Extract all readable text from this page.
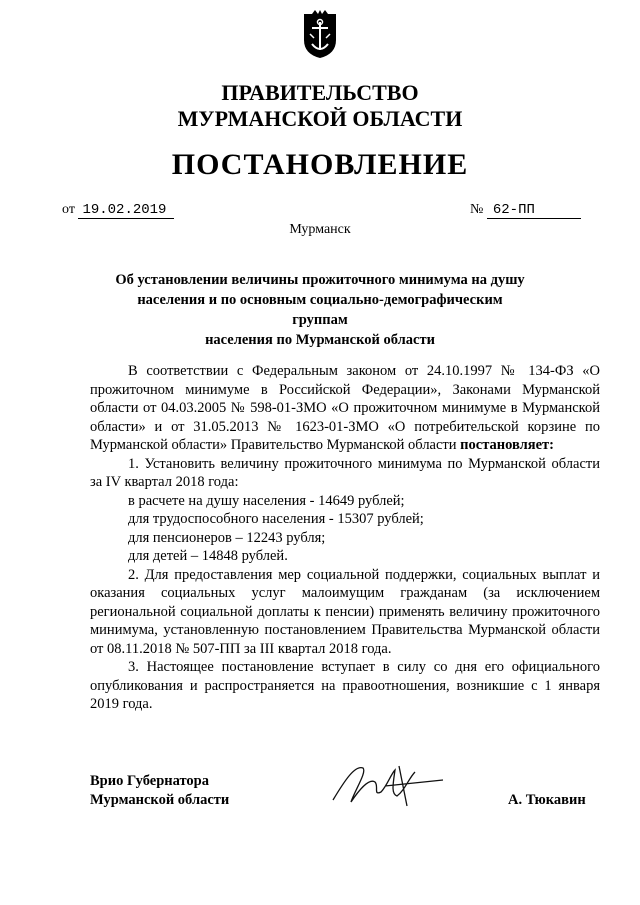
ПРАВИТЕЛЬСТВО
МУРМАНСКОЙ ОБЛАСТИ
ПОСТАНОВЛЕНИЕ
от 19.02.2019	№ 62-ПП
Мурманск
Об установлении величины прожиточного минимума на душу
населения и по основным социально-демографическим группам
населения по Мурманской области

В соответствии с Федеральным законом от 24.10.1997 № 134-ФЗ «О прожиточном минимуме в Российской Федерации», Законами Мурманской области от 04.03.2005 № 598-01-ЗМО «О прожиточном минимуме в Мурманской области» и от 31.05.2013 № 1623-01-ЗМО «О потребительской корзине по Мурманской области» Правительство Мурманской области постановляет:

1. Установить величину прожиточного минимума по Мурманской области за IV квартал 2018 года:

в расчете на душу населения - 14649 рублей;

для трудоспособного населения - 15307 рублей;

для пенсионеров – 12243 рубля;

для детей – 14848 рублей.

2. Для предоставления мер социальной поддержки, социальных выплат и оказания социальных услуг малоимущим гражданам (за исключением региональной социальной доплаты к пенсии) применять величину прожиточного минимума, установленную постановлением Правительства Мурманской области от 08.11.2018 № 507-ПП за III квартал 2018 года.

3. Настоящее постановление вступает в силу со дня его официального опубликования и распространяется на правоотношения, возникшие с 1 января 2019 года.

Врио Губернатора
Мурманской области	А. Тюкавин
